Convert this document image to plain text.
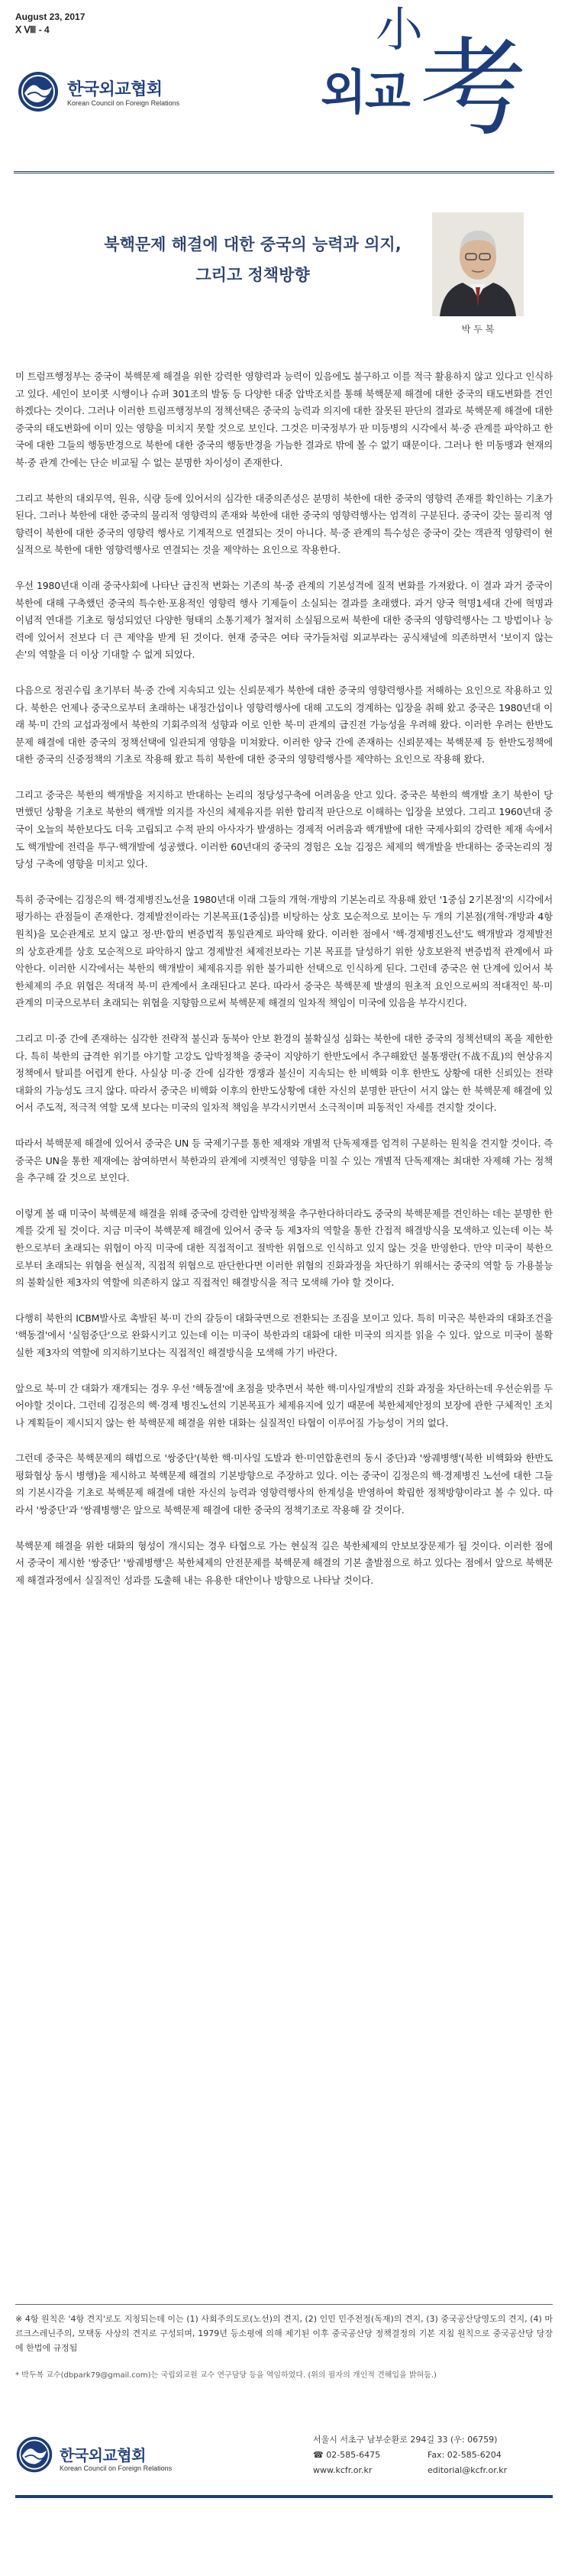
August 23, 2017
Ⅹ Ⅷ - 4
한국외교협회
Korean Council on Foreign Relations
小
외교 考
북핵문제 해결에 대한 중국의 능력과 의지,
그리고 정책방향
박 두 복

미 트럼프행정부는 중국이 북핵문제 해결을 위한 강력한 영향력과 능력이 있음에도 불구하고 이를 적극 활용하지 않고 있다고 인식하고 있다. 세인이 보이콧 시행이나 슈퍼 301조의 발동 등 다양한 대중 압박조치를 통해 북핵문제 해결에 대한 중국의 태도변화를 견인하겠다는 것이다. 그러나 이러한 트럼프행정부의 정책선택은 중국의 능력과 의지에 대한 잘못된 판단의 결과로 북핵문제 해결에 대한 중국의 태도변화에 이미 있는 영향을 미치지 못할 것으로 보인다. 그것은 미국정부가 판 미등병의 시각에서 북·중 관계를 파악하고 한국에 대한 그들의 행동반경으로 북한에 대한 중국의 행동반경을 가늠한 결과로 밖에 볼 수 없기 때문이다. 그러나 한 미동맹과 현재의 북·중 관계 간에는 단순 비교될 수 없는 분명한 차이성이 존재한다.

그리고 북한의 대외무역, 원유, 식량 등에 있어서의 심각한 대중의존성은 분명히 북한에 대한 중국의 영향력 존재를 확인하는 기초가 된다. 그러나 북한에 대한 중국의 물리적 영향력의 존재와 북한에 대한 중국의 영향력행사는 엄격히 구분된다. 중국이 갖는 물리적 영향력이 북한에 대한 중국의 영향력 행사로 기계적으로 연결되는 것이 아니다. 북·중 관계의 특수성은 중국이 갖는 객관적 영향력이 현실적으로 북한에 대한 영향력행사로 연결되는 것을 제약하는 요인으로 작용한다.

우선 1980년대 이래 중국사회에 나타난 급진적 변화는 기존의 북·중 관계의 기본성격에 질적 변화를 가져왔다. 이 결과 과거 중국이 북한에 대해 구축했던 중국의 특수한·포용적인 영향력 행사 기제들이 소실되는 결과를 초래했다. 과거 양국 혁명1세대 간에 혁명과 이념적 연대를 기초로 형성되었던 다양한 형태의 소통기제가 철저히 소실됨으로써 북한에 대한 중국의 영향력행사는 그 방법이나 능력에 있어서 전보다 더 큰 제약을 받게 된 것이다. 현재 중국은 여타 국가들처럼 외교부라는 공식채널에 의존하면서 '보이지 않는 손'의 역할을 더 이상 기대할 수 없게 되었다.

다음으로 정권수립 초기부터 북·중 간에 지속되고 있는 신뢰문제가 북한에 대한 중국의 영향력행사를 저해하는 요인으로 작용하고 있다. 북한은 언제나 중국으로부터 초래하는 내정간섭이나 영향력행사에 대해 고도의 경계하는 입장을 취해 왔고 중국은 1980년대 이래 북·미 간의 교섭과정에서 북한의 기회주의적 성향과 이로 인한 북·미 관계의 급진전 가능성을 우려해 왔다. 이러한 우려는 한반도문제 해결에 대한 중국의 정책선택에 일관되게 영향을 미쳐왔다. 이러한 양국 간에 존재하는 신뢰문제는 북핵문제 등 한반도정책에 대한 중국의 신중정책의 기초로 작용해 왔고 특히 북한에 대한 중국의 영향력행사를 제약하는 요인으로 작용해 왔다.

그리고 중국은 북한의 핵개발을 저지하고 반대하는 논리의 정당성구축에 어려움을 안고 있다. 중국은 북한의 핵개발 초기 북한이 당면했던 상황을 기초로 북한의 핵개발 의지를 자신의 체제유지를 위한 합리적 판단으로 이해하는 입장을 보였다. 그리고 1960년대 중국이 오늘의 북한보다도 더욱 고립되고 수적 판의 아사자가 발생하는 경제적 어려움과 핵개발에 대한 국제사회의 강력한 제재 속에서도 핵개발에 전력을 투구·핵개발에 성공했다. 이러한 60년대의 중국의 경험은 오늘 김정은 체제의 핵개발을 반대하는 중국논리의 정당성 구축에 영향을 미치고 있다.

특히 중국에는 김정은의 핵·경제병진노선을 1980년대 이래 그들의 개혁·개방의 기본논리로 작용해 왔던 '1중심 2기본점'의 시각에서 평가하는 관점들이 존재한다. 경제발전이라는 기본목표(1중심)를 비탕하는 상호 모순적으로 보이는 두 개의 기본점(개혁·개방과 4항 원칙)을 모순관계로 보지 않고 정·반·합의 변증법적 통일관계로 파악해 왔다. 이러한 점에서 '핵·경제병진노선'도 핵개발과 경제발전의 상호관계를 상호 모순적으로 파악하지 않고 경제발전 체제전보라는 기본 목표를 달성하기 위한 상호보완적 변증법적 관계에서 파악한다. 이러한 시각에서는 북한의 핵개발이 체제유지를 위한 불가피한 선택으로 인식하게 된다. 그런데 중국은 현 단계에 있어서 북한체제의 주요 위협은 적대적 북·미 관계에서 초래된다고 본다. 따라서 중국은 북핵문제 발생의 원초적 요인으로써의 적대적인 북·미 관계의 미국으로부터 초래되는 위협을 지향함으로써 북핵문제 해결의 일차적 책임이 미국에 있음을 부각시킨다.

그리고 미·중 간에 존재하는 심각한 전략적 불신과 동북아 안보 환경의 불확실성 심화는 북한에 대한 중국의 정책선택의 폭을 제한한다. 특히 북한의 급격한 위기를 야기할 고강도 압박정책을 중국이 지양하기 한반도에서 추구해왔던 불통쟁란(不战不乱)의 현상유지정책에서 탈피를 어렵게 한다. 사실상 미·중 간에 심각한 갱쟁과 불신이 지속되는 한 비핵화 이후 한반도 상황에 대한 신뢰있는 전략대화의 가능성도 크지 않다. 따라서 중국은 비핵화 이후의 한반도상황에 대한 자신의 분명한 판단이 서지 않는 한 북핵문제 해결에 있어서 주도적, 적극적 역할 모색 보다는 미국의 일차적 책임을 부각시키면서 소극적이며 피동적인 자세를 견지할 것이다.

따라서 북핵문제 해결에 있어서 중국은 UN 등 국제기구를 통한 제재와 개별적 단독제재를 엄격히 구분하는 원칙을 견지할 것이다. 즉 중국은 UN을 통한 제재에는 참여하면서 북한과의 관계에 지렛적인 영향을 미칠 수 있는 개별적 단독제재는 최대한 자제해 가는 정책을 추구해 갈 것으로 보인다.

이렇게 볼 때 미국이 북핵문제 해결을 위해 중국에 강력한 압박정책을 추구한다하더라도 중국의 북핵문제를 견인하는 데는 분명한 한계를 갖게 될 것이다. 지금 미국이 북핵문제 해결에 있어서 중국 등 제3자의 역할을 통한 간접적 해결방식을 모색하고 있는데 이는 북한으로부터 초래되는 위협이 아직 미국에 대한 직접적이고 절박한 위협으로 인식하고 있지 않는 것을 반영한다. 만약 미국이 북한으로부터 초래되는 위협을 현실적, 직접적 위협으로 판단한다면 이러한 위협의 진화과정을 차단하기 위해서는 중국의 역할 등 가용불능의 불확실한 제3자의 역할에 의존하지 않고 직접적인 해결방식을 적극 모색해 가야 할 것이다.

다행히 북한의 ICBM발사로 촉발된 북·미 간의 갈등이 대화국면으로 전환되는 조짐을 보이고 있다. 특히 미국은 북한과의 대화조건을 '핵동결'에서 '실험중단'으로 완화시키고 있는데 이는 미국이 북한과의 대화에 대한 미국의 의지를 읽을 수 있다. 앞으로 미국이 불확실한 제3자의 역할에 의지하기보다는 직접적인 해결방식을 모색해 가기 바란다.

앞으로 북·미 간 대화가 재개되는 경우 우선 '핵동결'에 초점을 맞추면서 북한 핵·미사일개발의 진화 과정을 차단하는데 우선순위를 두어야할 것이다. 그런데 김정은의 핵·경제 병진노선의 기본목표가 체제유지에 있기 때문에 북한체제안정의 보장에 관한 구체적인 조치나 계획들이 제시되지 않는 한 북핵문제 해결을 위한 대화는 실질적인 타협이 이루어질 가능성이 거의 없다.

그런데 중국은 북핵문제의 해법으로 '쌍중단'(북한 핵·미사일 도발과 한·미연합훈련의 동시 중단)과 '쌍궤병행'(북한 비핵화와 한반도 평화협상 동시 병행)을 제시하고 북핵문제 해결의 기본방향으로 주장하고 있다. 이는 중국이 김정은의 핵·경제병진 노선에 대한 그들의 기본시각을 기초로 북핵문제 해결에 대한 자신의 능력과 영향력행사의 한계성을 반영하여 확립한 정책방향이라고 볼 수 있다. 따라서 '쌍중단'과 '쌍궤병행'은 앞으로 북핵문제 해결에 대한 중국의 정책기조로 작용해 갈 것이다.

북핵문제 해결을 위한 대화의 형성이 개시되는 경우 타협으로 가는 현실적 길은 북한체제의 안보보장문제가 될 것이다. 이러한 점에서 중국이 제시한 '쌍중단' '쌍궤병행'은 북한체제의 안전문제를 북핵문제 해결의 기본 출발점으로 하고 있다는 점에서 앞으로 북핵문제 해결과정에서 실질적인 성과를 도출해 내는 유용한 대안이나 방향으로 나타날 것이다.

※ 4항 원칙은 '4항 견지'로도 지칭되는데 이는 (1) 사회주의도로(노선)의 견지, (2) 인민 민주전정(독재)의 견지, (3) 중국공산당영도의 견지, (4) 마르크스레닌주의, 모택동 사상의 견지로 구성되며, 1979년 등소평에 의해 제기된 이후 중국공산당 정책결정의 기본 지침 원칙으로 중국공산당 당장에 한법에 규정됨

* 박두복 교수(dbpark79@gmail.com)는 국립외교원 교수 연구담당 등을 역임하였다. (위의 필자의 개인적 견해입을 밝혀둠.)

한국외교협회
Korean Council on Foreign Relations
서울시 서초구 남부순환로 294길 33 (우: 06759)
☎ 02-585-6475	Fax: 02-585-6204
www.kcfr.or.kr	editorial@kcfr.or.kr
